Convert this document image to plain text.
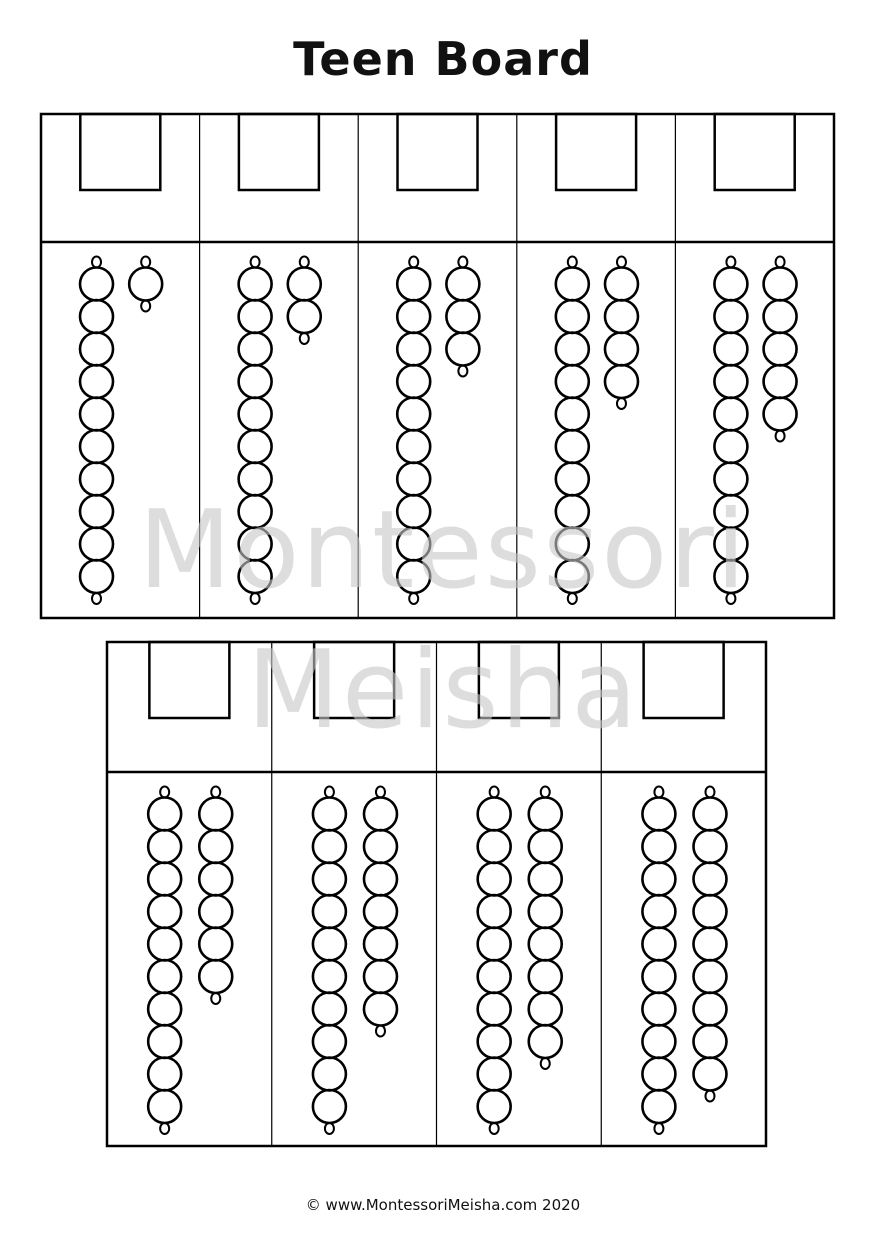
Teen Board
Montessori
Meisha
© www.MontessoriMeisha.com 2020
